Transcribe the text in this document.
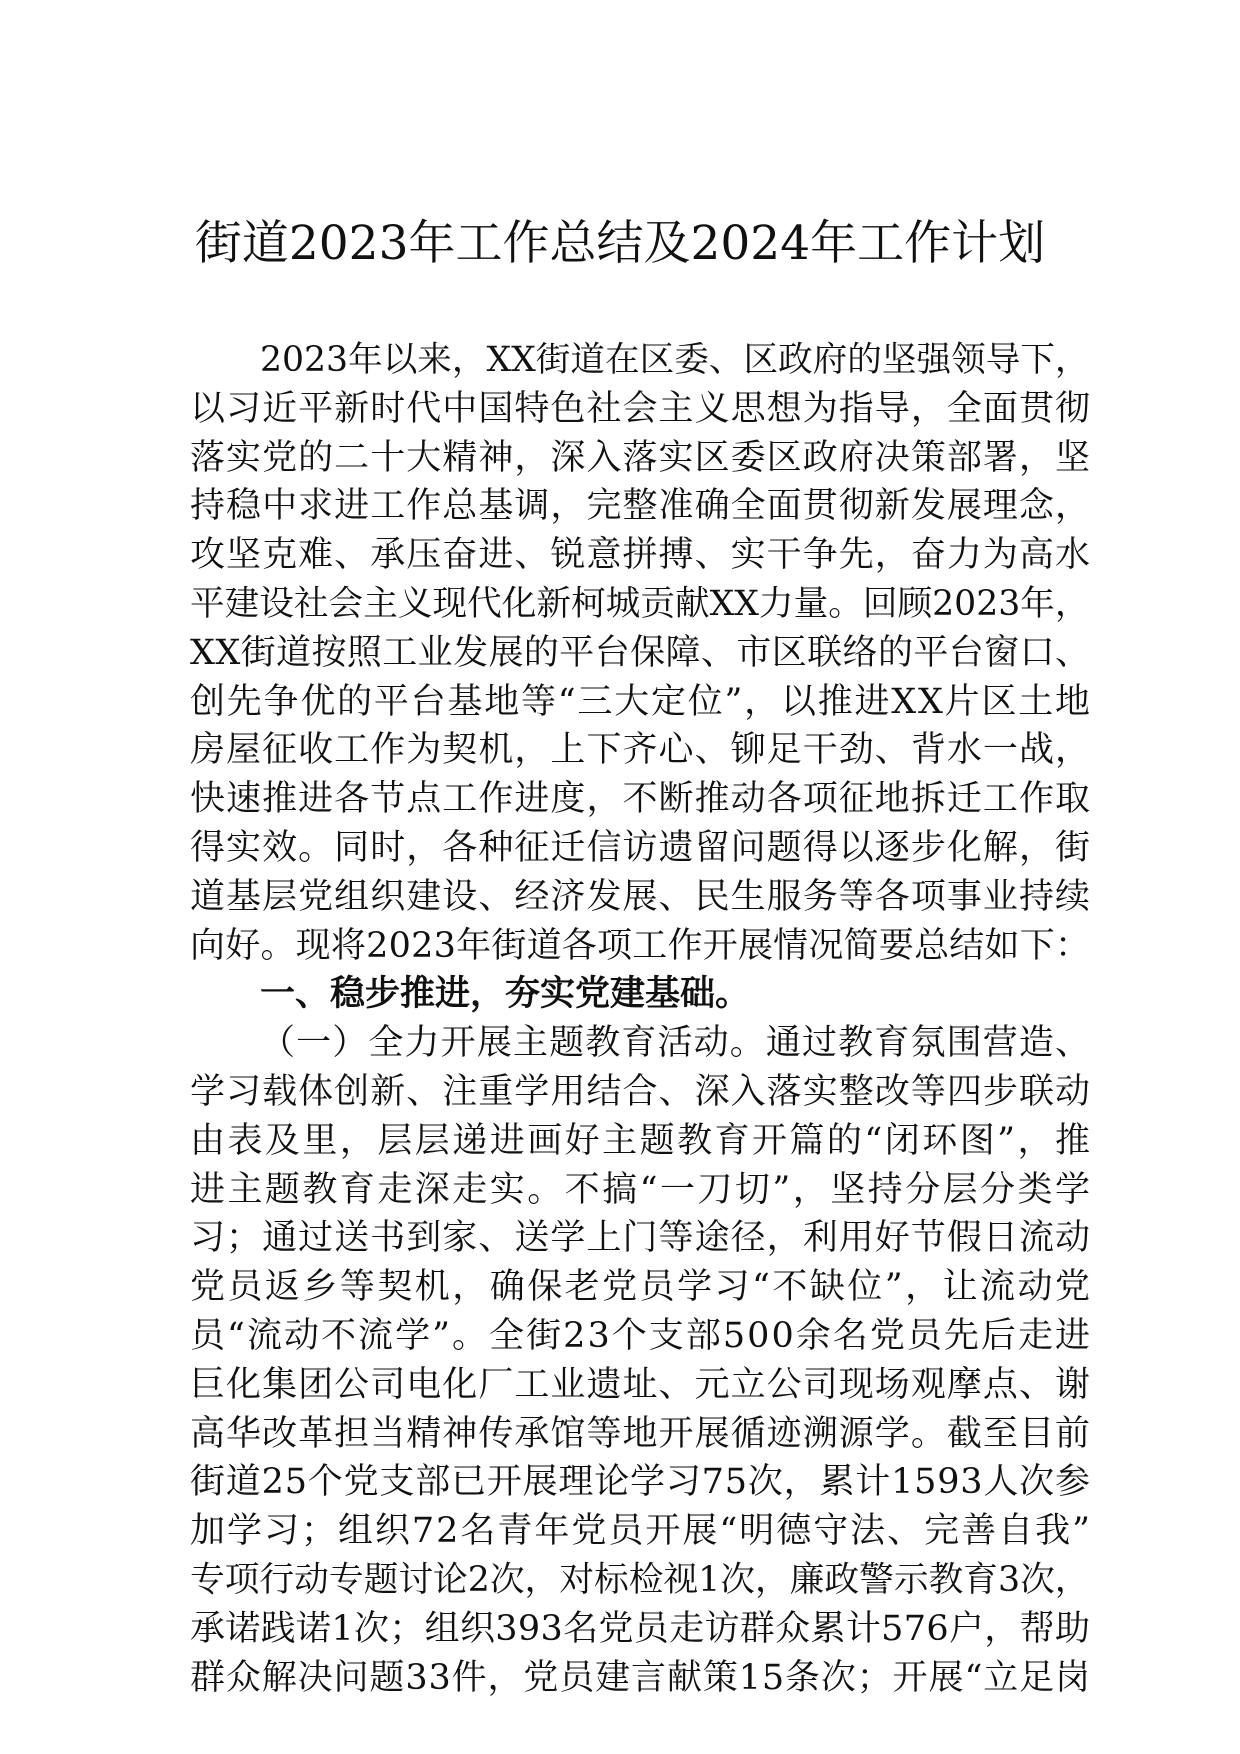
街道2023年工作总结及2024年工作计划
2023年以来，XX街道在区委、区政府的坚强领导下，
以习近平新时代中国特色社会主义思想为指导，全面贯彻
落实党的二十大精神，深入落实区委区政府决策部署，坚
持稳中求进工作总基调，完整准确全面贯彻新发展理念，
攻坚克难、承压奋进、锐意拼搏、实干争先，奋力为高水
平建设社会主义现代化新柯城贡献XX力量。回顾2023年，
XX街道按照工业发展的平台保障、市区联络的平台窗口、
创先争优的平台基地等“三大定位”，以推进XX片区土地
房屋征收工作为契机，上下齐心、铆足干劲、背水一战，
快速推进各节点工作进度，不断推动各项征地拆迁工作取
得实效。同时，各种征迁信访遗留问题得以逐步化解，街
道基层党组织建设、经济发展、民生服务等各项事业持续
向好。现将2023年街道各项工作开展情况简要总结如下：
一、稳步推进，夯实党建基础。
（一）全力开展主题教育活动。通过教育氛围营造、
学习载体创新、注重学用结合、深入落实整改等四步联动
由表及里，层层递进画好主题教育开篇的“闭环图”，推
进主题教育走深走实。不搞“一刀切”，坚持分层分类学
习；通过送书到家、送学上门等途径，利用好节假日流动
党员返乡等契机，确保老党员学习“不缺位”，让流动党
员“流动不流学”。全街23个支部500余名党员先后走进
巨化集团公司电化厂工业遗址、元立公司现场观摩点、谢
高华改革担当精神传承馆等地开展循迹溯源学。截至目前
街道25个党支部已开展理论学习75次，累计1593人次参
加学习；组织72名青年党员开展“明德守法、完善自我”
专项行动专题讨论2次，对标检视1次，廉政警示教育3次，
承诺践诺1次；组织393名党员走访群众累计576户，帮助
群众解决问题33件，党员建言献策15条次；开展“立足岗
